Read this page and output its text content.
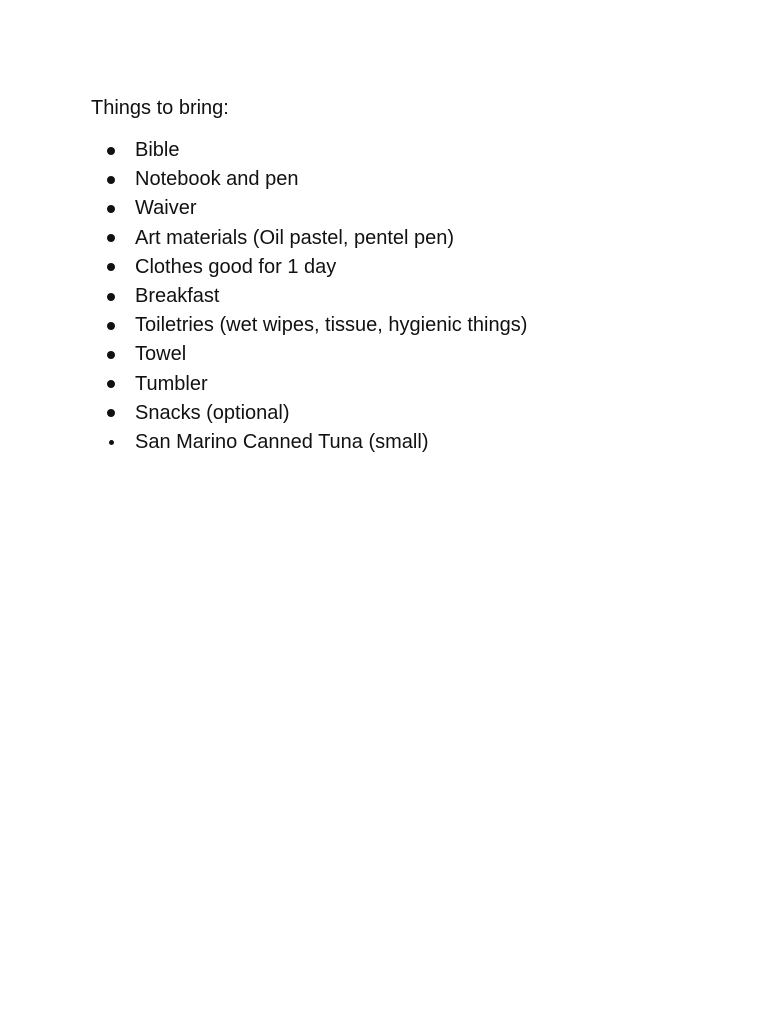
Things to bring:

Bible
Notebook and pen
Waiver
Art materials (Oil pastel, pentel pen)
Clothes good for 1 day
Breakfast
Toiletries (wet wipes, tissue, hygienic things)
Towel
Tumbler
Snacks (optional)
San Marino Canned Tuna (small)
